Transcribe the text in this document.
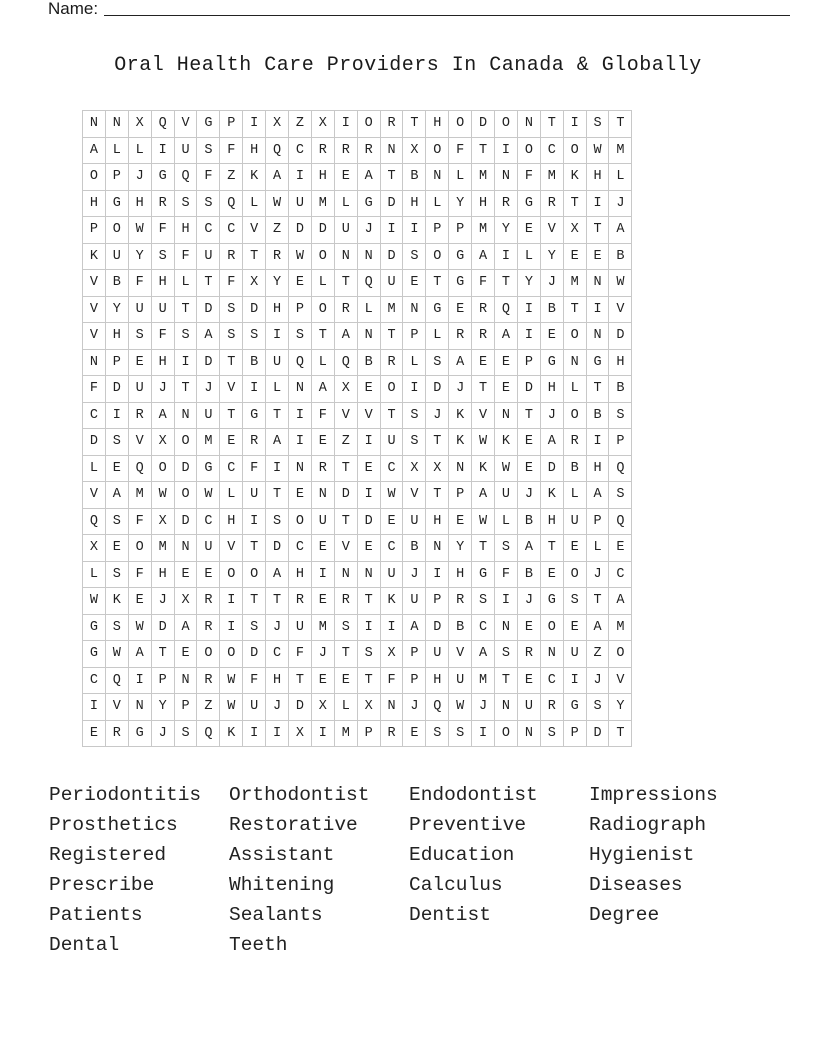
Name:
Oral Health Care Providers In Canada & Globally
N	N	X	Q	V	G	P	I	X	Z	X	I	O	R	T	H	O	D	O	N	T	I	S	T
A	L	L	I	U	S	F	H	Q	C	R	R	R	N	X	O	F	T	I	O	C	O	W	M
O	P	J	G	Q	F	Z	K	A	I	H	E	A	T	B	N	L	M	N	F	M	K	H	L
H	G	H	R	S	S	Q	L	W	U	M	L	G	D	H	L	Y	H	R	G	R	T	I	J
P	O	W	F	H	C	C	V	Z	D	D	U	J	I	I	P	P	M	Y	E	V	X	T	A
K	U	Y	S	F	U	R	T	R	W	O	N	N	D	S	O	G	A	I	L	Y	E	E	B
V	B	F	H	L	T	F	X	Y	E	L	T	Q	U	E	T	G	F	T	Y	J	M	N	W
V	Y	U	U	T	D	S	D	H	P	O	R	L	M	N	G	E	R	Q	I	B	T	I	V
V	H	S	F	S	A	S	S	I	S	T	A	N	T	P	L	R	R	A	I	E	O	N	D
N	P	E	H	I	D	T	B	U	Q	L	Q	B	R	L	S	A	E	E	P	G	N	G	H
F	D	U	J	T	J	V	I	L	N	A	X	E	O	I	D	J	T	E	D	H	L	T	B
C	I	R	A	N	U	T	G	T	I	F	V	V	T	S	J	K	V	N	T	J	O	B	S
D	S	V	X	O	M	E	R	A	I	E	Z	I	U	S	T	K	W	K	E	A	R	I	P
L	E	Q	O	D	G	C	F	I	N	R	T	E	C	X	X	N	K	W	E	D	B	H	Q
V	A	M	W	O	W	L	U	T	E	N	D	I	W	V	T	P	A	U	J	K	L	A	S
Q	S	F	X	D	C	H	I	S	O	U	T	D	E	U	H	E	W	L	B	H	U	P	Q
X	E	O	M	N	U	V	T	D	C	E	V	E	C	B	N	Y	T	S	A	T	E	L	E
L	S	F	H	E	E	O	O	A	H	I	N	N	U	J	I	H	G	F	B	E	O	J	C
W	K	E	J	X	R	I	T	T	R	E	R	T	K	U	P	R	S	I	J	G	S	T	A
G	S	W	D	A	R	I	S	J	U	M	S	I	I	A	D	B	C	N	E	O	E	A	M
G	W	A	T	E	O	O	D	C	F	J	T	S	X	P	U	V	A	S	R	N	U	Z	O
C	Q	I	P	N	R	W	F	H	T	E	E	T	F	P	H	U	M	T	E	C	I	J	V
I	V	N	Y	P	Z	W	U	J	D	X	L	X	N	J	Q	W	J	N	U	R	G	S	Y
E	R	G	J	S	Q	K	I	I	X	I	M	P	R	E	S	S	I	O	N	S	P	D	T
Periodontitis	Orthodontist	Endodontist	Impressions
Prosthetics	Restorative	Preventive	Radiograph
Registered	Assistant	Education	Hygienist
Prescribe	Whitening	Calculus	Diseases
Patients	Sealants	Dentist	Degree
Dental	Teeth
